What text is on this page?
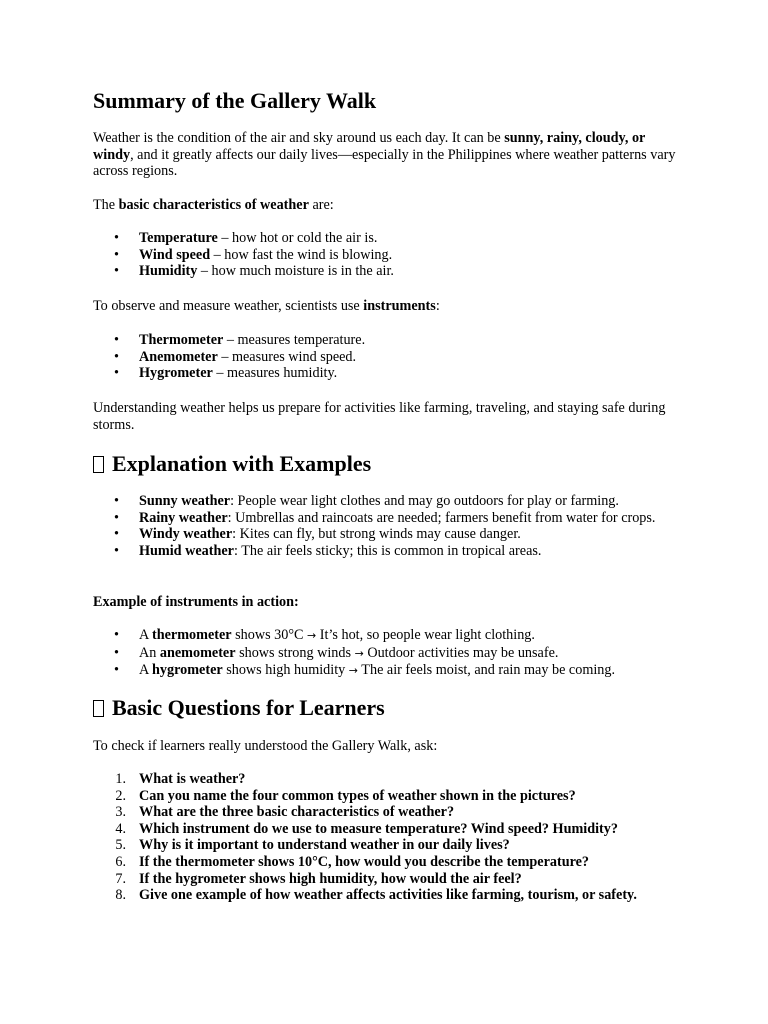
Summary of the Gallery Walk

Weather is the condition of the air and sky around us each day. It can be sunny, rainy, cloudy, or windy, and it greatly affects our daily lives—especially in the Philippines where weather patterns vary across regions.

The basic characteristics of weather are:

• Temperature – how hot or cold the air is.
• Wind speed – how fast the wind is blowing.
• Humidity – how much moisture is in the air.

To observe and measure weather, scientists use instruments:

• Thermometer – measures temperature.
• Anemometer – measures wind speed.
• Hygrometer – measures humidity.

Understanding weather helps us prepare for activities like farming, traveling, and staying safe during storms.

Explanation with Examples
• Sunny weather: People wear light clothes and may go outdoors for play or farming.
• Rainy weather: Umbrellas and raincoats are needed; farmers benefit from water for crops.
• Windy weather: Kites can fly, but strong winds may cause danger.
• Humid weather: The air feels sticky; this is common in tropical areas.

Example of instruments in action:

• A thermometer shows 30°C → It’s hot, so people wear light clothing.
• An anemometer shows strong winds → Outdoor activities may be unsafe.
• A hygrometer shows high humidity → The air feels moist, and rain may be coming.
Basic Questions for Learners

To check if learners really understood the Gallery Walk, ask:

1. What is weather?
2. Can you name the four common types of weather shown in the pictures?
3. What are the three basic characteristics of weather?
4. Which instrument do we use to measure temperature? Wind speed? Humidity?
5. Why is it important to understand weather in our daily lives?
6. If the thermometer shows 10°C, how would you describe the temperature?
7. If the hygrometer shows high humidity, how would the air feel?
8. Give one example of how weather affects activities like farming, tourism, or safety.
